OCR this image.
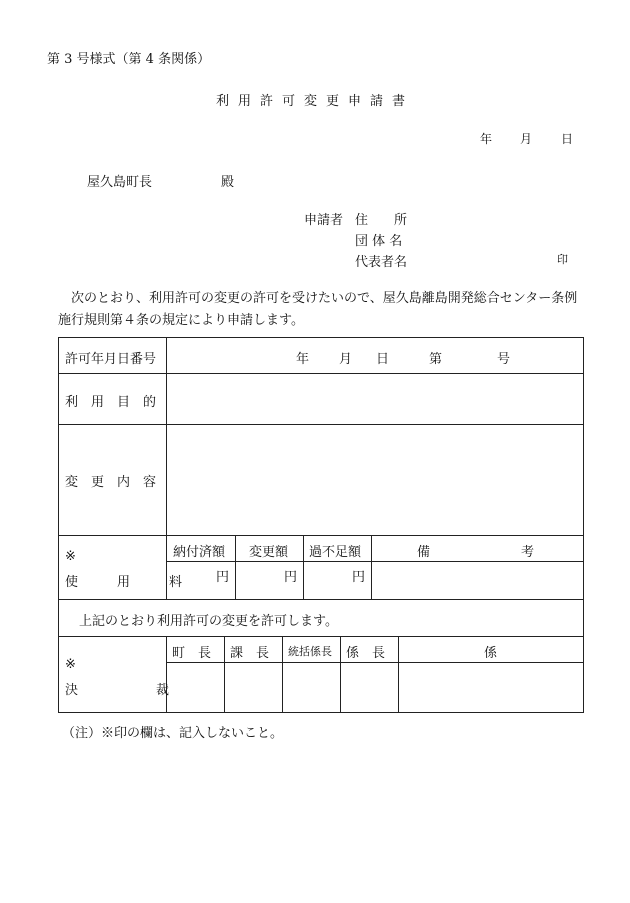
第 3 号様式（第 4 条関係）
利用許可変更申請書
年 月 日
屋久島町長	殿
申請者 住　　所
団 体 名
代表者名	印
次のとおり、利用許可の変更の許可を受けたいので、屋久島離島開発総合センター条例施行規則第４条の規定により申請します。
許可年月日番号	年 月 日	第	号
利　用　目　的
変　更　内　容
※
使　　　用　　　料
納付済額 変更額 過不足額	備　　　　　　　考
円	円	円
上記のとおり利用許可の変更を許可します。
※
決　　　　　　裁
町　長 課　長 統括係長 係　長	係
（注）※印の欄は、記入しないこと。
